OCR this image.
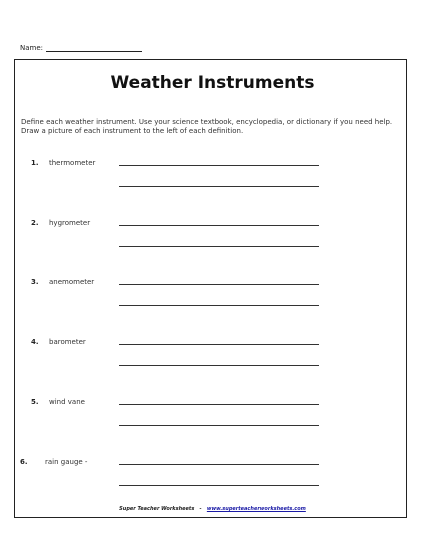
Name:
Weather Instruments

Define each weather instrument. Use your science textbook, encyclopedia, or dictionary if you need help. Draw a picture of each instrument to the left of each definition.

1. thermometer
2. hygrometer
3. anemometer
4. barometer
5. wind vane
6. rain gauge -
Super Teacher Worksheets - www.superteacherworksheets.com
